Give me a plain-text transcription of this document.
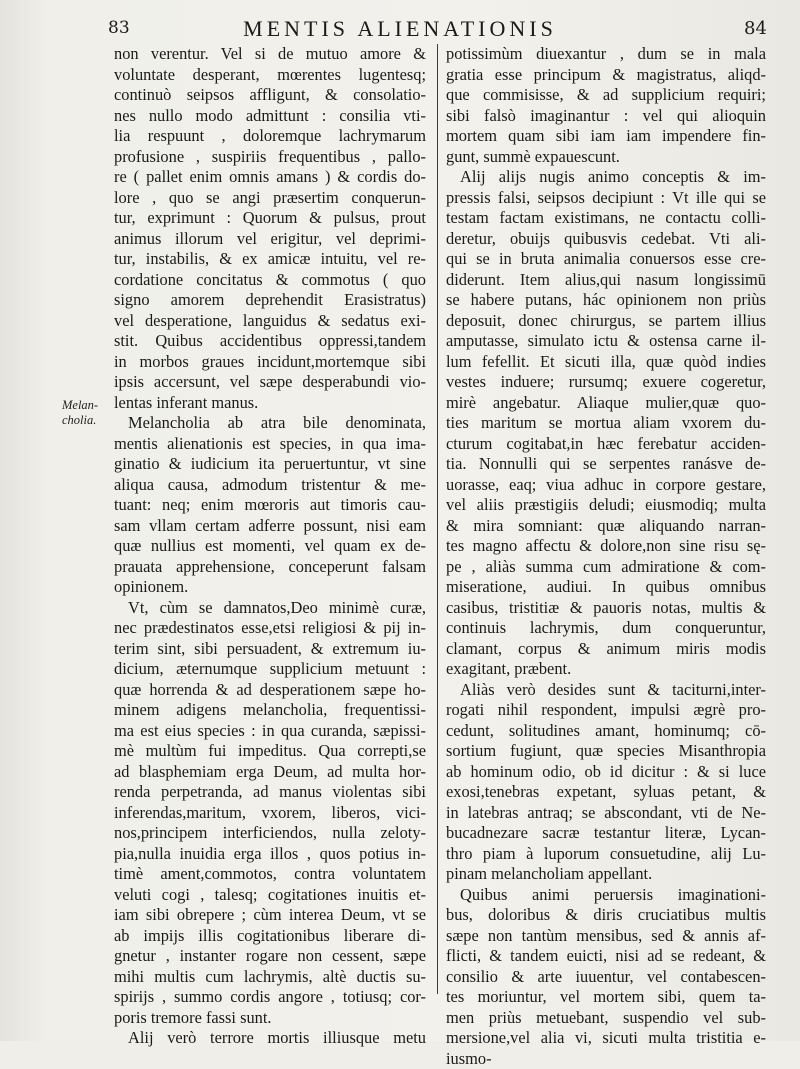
83	MENTIS ALIENATIONIS	84
Melan-
cholia.

non verentur. Vel si de mutuo amore &

voluntate desperant, mœrentes lugentesq;

continuò seipsos affligunt, & consolatio-

nes nullo modo admittunt : consilia vti-

lia respuunt , doloremque lachrymarum

profusione , suspiriis frequentibus , pallo-

re ( pallet enim omnis amans ) & cordis do-

lore , quo se angi præsertim conquerun-

tur, exprimunt : Quorum & pulsus, prout

animus illorum vel erigitur, vel deprimi-

tur, instabilis, & ex amicæ intuitu, vel re-

cordatione concitatus & commotus ( quo

signo amorem deprehendit Erasistratus)

vel desperatione, languidus & sedatus exi-

stit. Quibus accidentibus oppressi,tandem

in morbos graues incidunt,mortemque sibi

ipsis accersunt, vel sæpe desperabundi vio-

lentas inferant manus.

Melancholia ab atra bile denominata,

mentis alienationis est species, in qua ima-

ginatio & iudicium ita peruertuntur, vt sine

aliqua causa, admodum tristentur & me-

tuant: neq; enim mœroris aut timoris cau-

sam vllam certam adferre possunt, nisi eam

quæ nullius est momenti, vel quam ex de-

prauata apprehensione, conceperunt falsam

opinionem.

Vt, cùm se damnatos,Deo minimè curæ,

nec prædestinatos esse,etsi religiosi & pij in-

terim sint, sibi persuadent, & extremum iu-

dicium, æternumque supplicium metuunt :

quæ horrenda & ad desperationem sæpe ho-

minem adigens melancholia, frequentissi-

ma est eius species : in qua curanda, sæpissi-

mè multùm fui impeditus. Qua correpti,se

ad blasphemiam erga Deum, ad multa hor-

renda perpetranda, ad manus violentas sibi

inferendas,maritum, vxorem, liberos, vici-

nos,principem interficiendos, nulla zeloty-

pia,nulla inuidia erga illos , quos potius in-

timè ament,commotos, contra voluntatem

veluti cogi , talesq; cogitationes inuitis et-

iam sibi obrepere ; cùm interea Deum, vt se

ab impijs illis cogitationibus liberare di-

gnetur , instanter rogare non cessent, sæpe

mihi multis cum lachrymis, altè ductis su-

spirijs , summo cordis angore , totiusq; cor-

poris tremore fassi sunt.

Alij verò terrore mortis illiusque metu

potissimùm diuexantur , dum se in mala

gratia esse principum & magistratus, aliqd-

que commisisse, & ad supplicium requiri;

sibi falsò imaginantur : vel qui alioquin

mortem quam sibi iam iam impendere fin-

gunt, summè expauescunt.

Alij alijs nugis animo conceptis & im-

pressis falsi, seipsos decipiunt : Vt ille qui se

testam factam existimans, ne contactu colli-

deretur, obuijs quibusvis cedebat. Vti ali-

qui se in bruta animalia conuersos esse cre-

diderunt. Item alius,qui nasum longissimū

se habere putans, hác opinionem non priùs

deposuit, donec chirurgus, se partem illius

amputasse, simulato ictu & ostensa carne il-

lum fefellit. Et sicuti illa, quæ quòd indies

vestes induere; rursumq; exuere cogeretur,

mirè angebatur. Aliaque mulier,quæ quo-

ties maritum se mortua aliam vxorem du-

cturum cogitabat,in hæc ferebatur acciden-

tia. Nonnulli qui se serpentes ranásve de-

uorasse, eaq; viua adhuc in corpore gestare,

vel aliis præstigiis deludi; eiusmodiq; multa

& mira somniant: quæ aliquando narran-

tes magno affectu & dolore,non sine risu sę-

pe , aliàs summa cum admiratione & com-

miseratione, audiui. In quibus omnibus

casibus, tristitiæ & pauoris notas, multis &

continuis lachrymis, dum conqueruntur,

clamant, corpus & animum miris modis

exagitant, præbent.

Aliàs verò desides sunt & taciturni,inter-

rogati nihil respondent, impulsi ægrè pro-

cedunt, solitudines amant, hominumq; cō-

sortium fugiunt, quæ species Misanthropia

ab hominum odio, ob id dicitur : & si luce

exosi,tenebras expetant, syluas petant, &

in latebras antraq; se abscondant, vti de Ne-

bucadnezare sacræ testantur literæ, Lycan-

thro piam à luporum consuetudine, alij Lu-

pinam melancholiam appellant.

Quibus animi peruersis imaginationi-

bus, doloribus & diris cruciatibus multis

sæpe non tantùm mensibus, sed & annis af-

flicti, & tandem euicti, nisi ad se redeant, &

consilio & arte iuuentur, vel contabescen-

tes moriuntur, vel mortem sibi, quem ta-

men priùs metuebant, suspendio vel sub-

mersione,vel alia vi, sicuti multa tristitia e-

iusmo-
